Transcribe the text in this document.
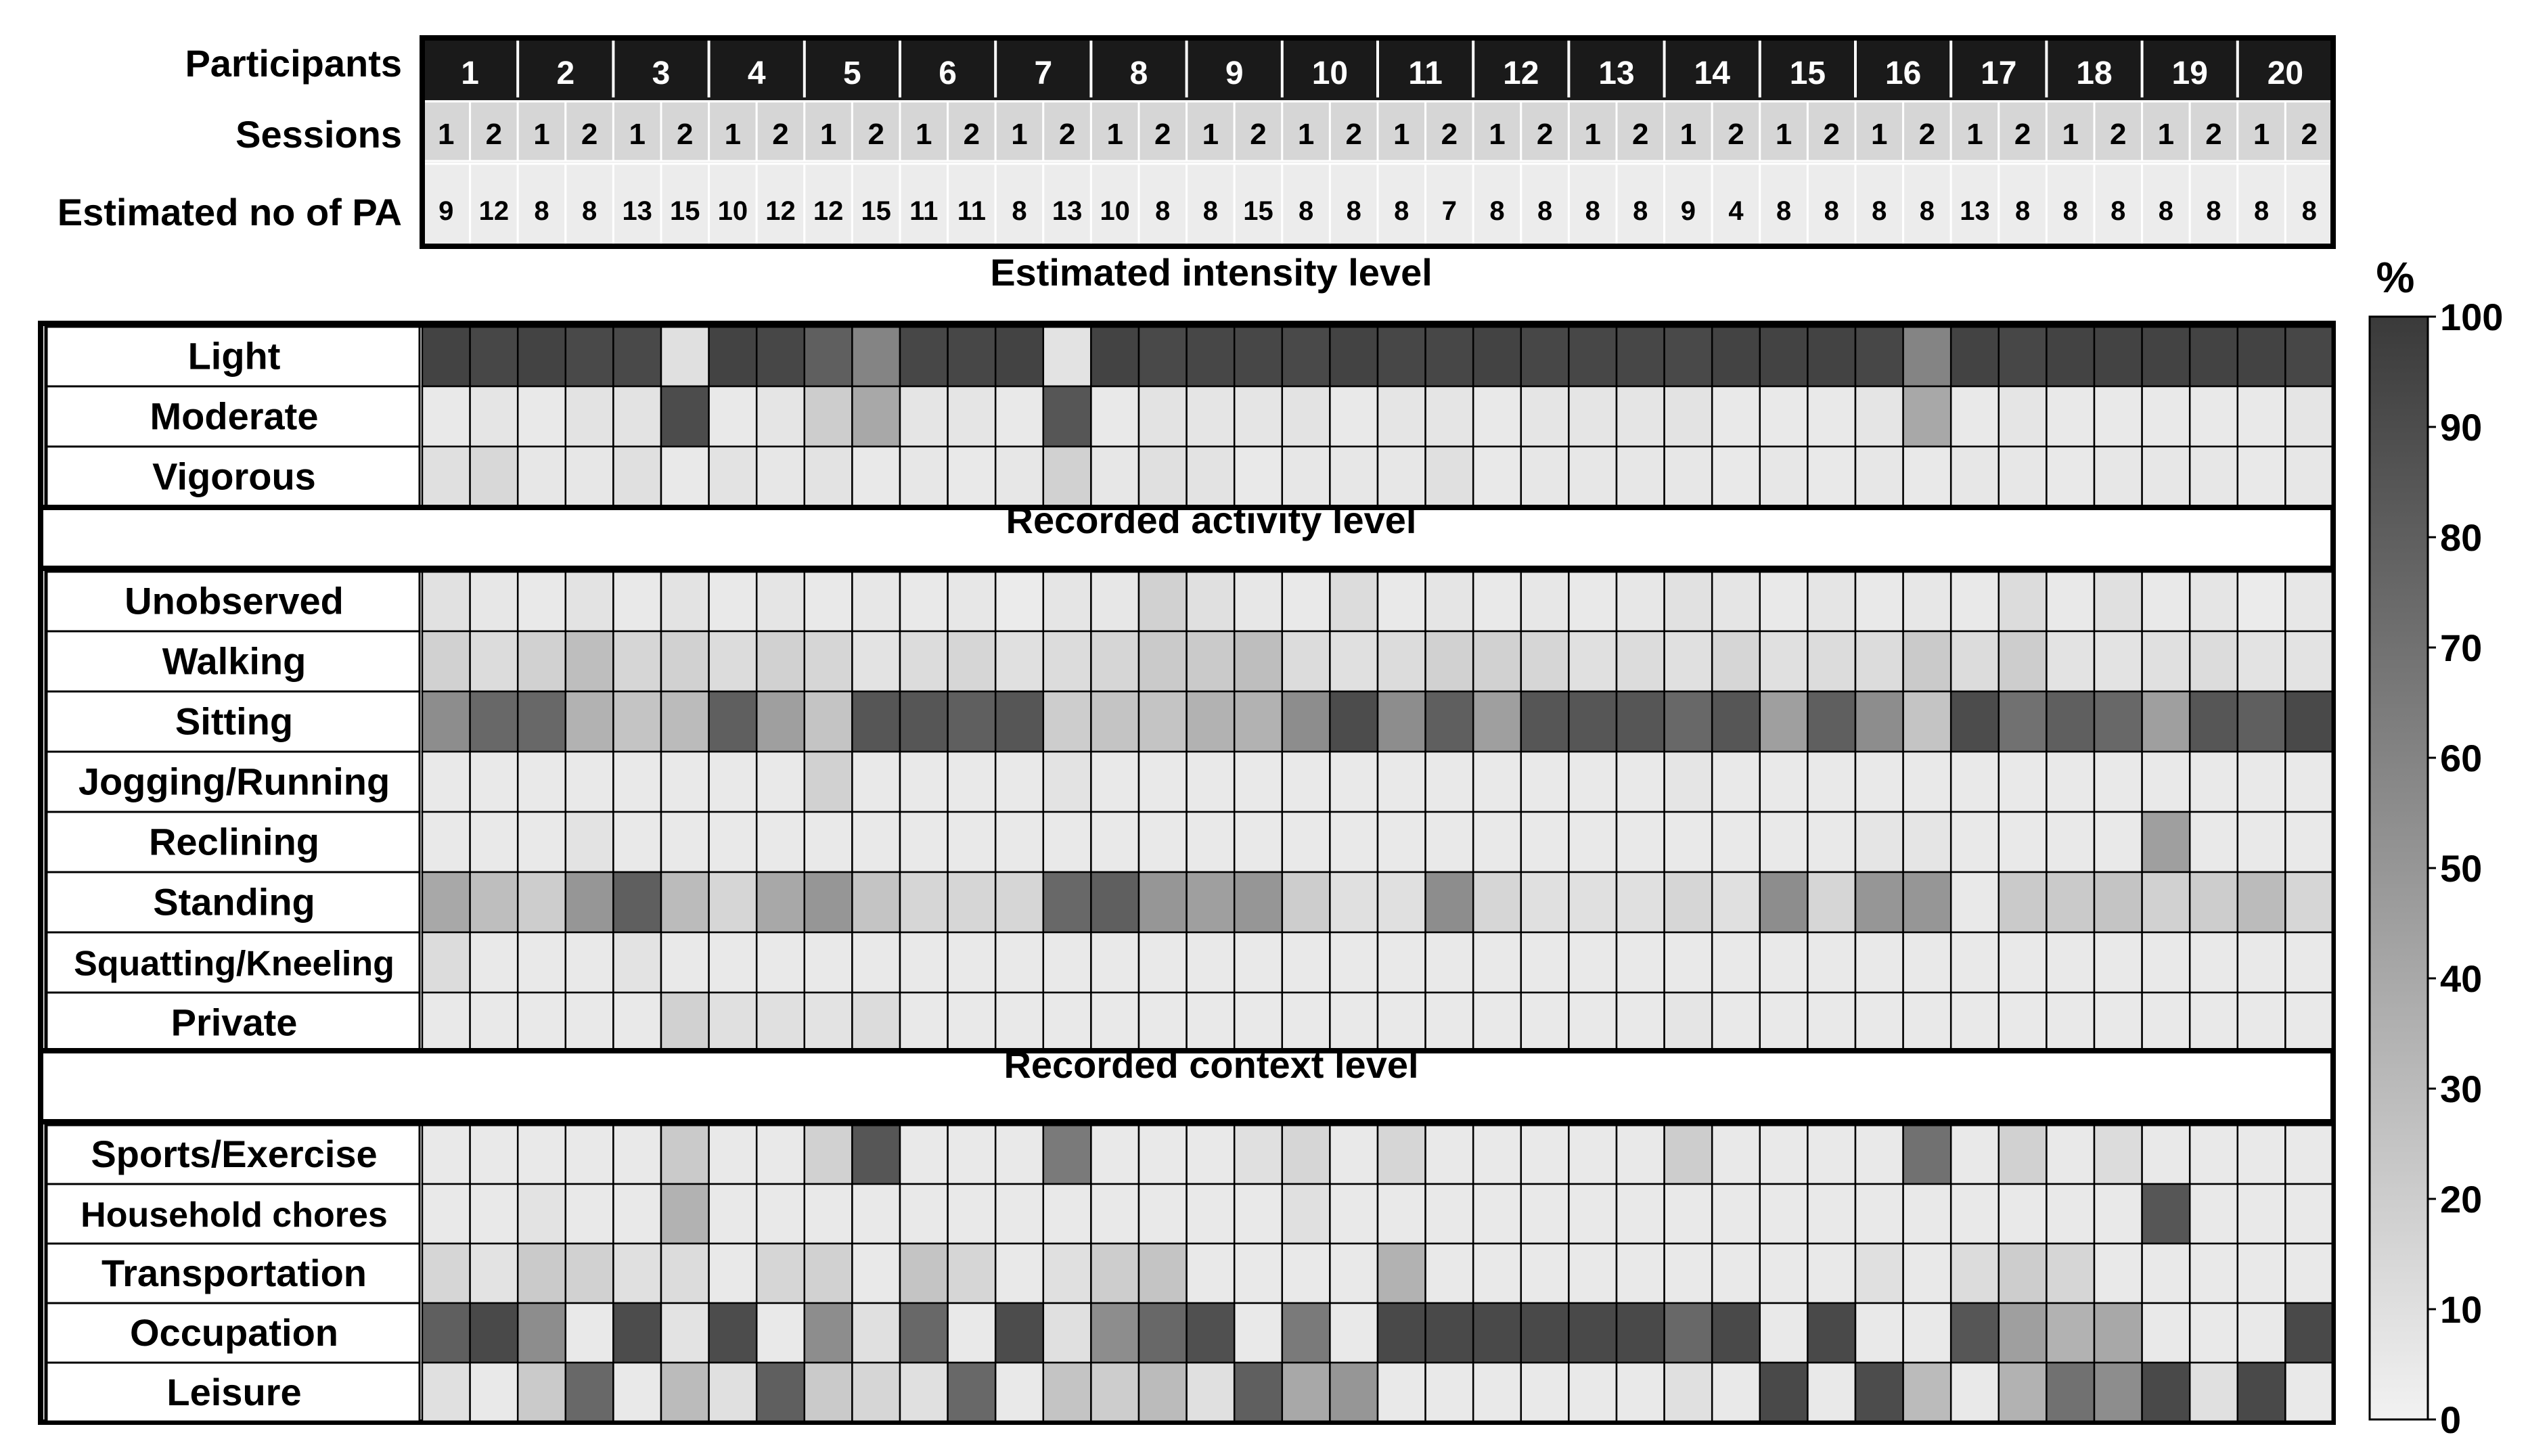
Participants
Sessions
Estimated no of PA
1 2 3 4 5 6 7 8 9 10 11 12 13 14 15 16 17 18 19 20
1
9
2
12
1
8
2
8
1
13
2
15
1
10
2
12
1
12
2
15
1
11
2
11
1
8
2
13
1
10
2
8
1
8
2
15
1
8
2
8
1
8
2
7
1
8
2
8
1
8
2
8
1
9
2
4
1
8
2
8
1
8
2
8
1
13
2
8
1
8
2
8
1
8
2
8
1
8
2
8
Estimated intensity level
Light
Moderate
Vigorous
Recorded activity level
Unobserved
Walking
Sitting
Jogging/Running
Reclining
Standing
Squatting/Kneeling
Private
Recorded context level
Sports/Exercise
Household chores
Transportation
Occupation
Leisure
%
0
10
20
30
40
50
60
70
80
90
100
